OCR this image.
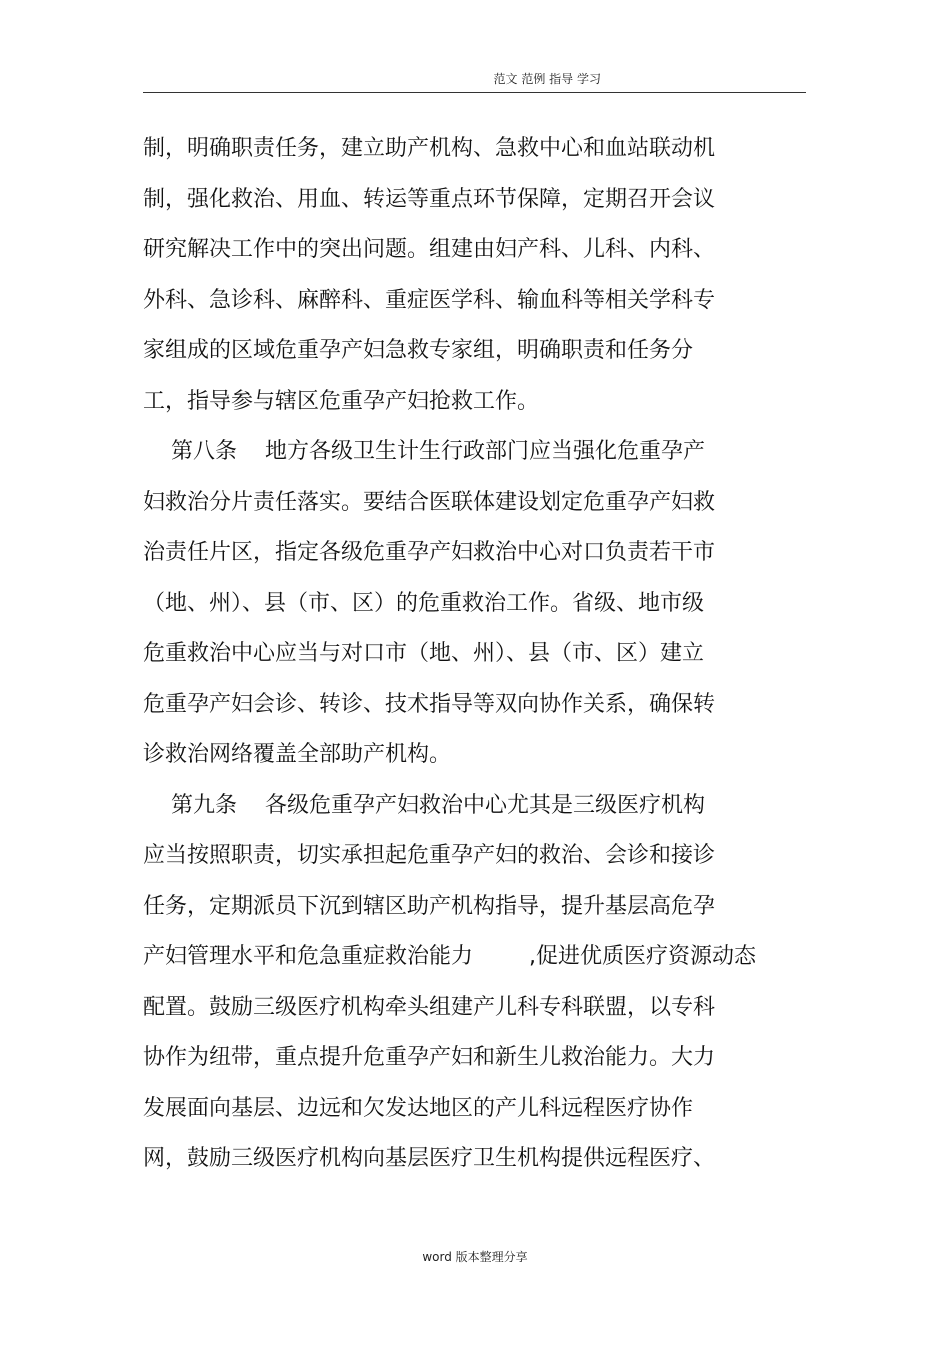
范文 范例 指导 学习
制，明确职责任务，建立助产机构、急救中心和血站联动机
制，强化救治、用血、转运等重点环节保障，定期召开会议
研究解决工作中的突出问题。组建由妇产科、儿科、内科、
外科、急诊科、麻醉科、重症医学科、输血科等相关学科专
家组成的区域危重孕产妇急救专家组，明确职责和任务分
工，指导参与辖区危重孕产妇抢救工作。
第八条    地方各级卫生计生行政部门应当强化危重孕产
妇救治分片责任落实。要结合医联体建设划定危重孕产妇救
治责任片区，指定各级危重孕产妇救治中心对口负责若干市
（地、州）、县（市、区）的危重救治工作。省级、地市级
危重救治中心应当与对口市（地、州）、县（市、区）建立
危重孕产妇会诊、转诊、技术指导等双向协作关系，确保转
诊救治网络覆盖全部助产机构。
第九条    各级危重孕产妇救治中心尤其是三级医疗机构
应当按照职责，切实承担起危重孕产妇的救治、会诊和接诊
任务，定期派员下沉到辖区助产机构指导，提升基层高危孕
产妇管理水平和危急重症救治能力        ,促进优质医疗资源动态
配置。鼓励三级医疗机构牵头组建产儿科专科联盟，以专科
协作为纽带，重点提升危重孕产妇和新生儿救治能力。大力
发展面向基层、边远和欠发达地区的产儿科远程医疗协作
网，鼓励三级医疗机构向基层医疗卫生机构提供远程医疗、
word 版本整理分享
